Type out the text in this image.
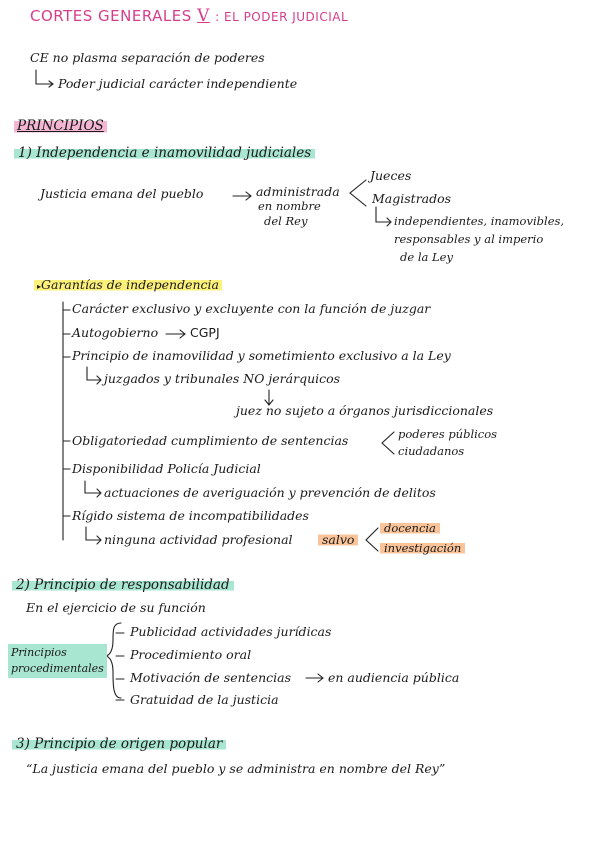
CORTES GENERALES V : EL PODER JUDICIAL
CE no plasma separación de poderes
Poder judicial carácter independiente
PRINCIPIOS
1) Independencia e inamovilidad judiciales
Justicia emana del pueblo	administrada
en nombre
del Rey
Jueces
Magistrados
independientes, inamovibles,
responsables y al imperio
de la Ley
▸Garantías de independencia
Carácter exclusivo y excluyente con la función de juzgar
Autogobierno	CGPJ
Principio de inamovilidad y sometimiento exclusivo a la Ley
juzgados y tribunales NO jerárquicos
juez no sujeto a órganos jurisdiccionales
Obligatoriedad cumplimiento de sentencias	poderes públicos
ciudadanos
Disponibilidad Policía Judicial
actuaciones de averiguación y prevención de delitos
Rígido sistema de incompatibilidades
ninguna actividad profesional	salvo
docencia
investigación
2) Principio de responsabilidad
En el ejercicio de su función
Principios
procedimentales
Publicidad actividades jurídicas
Procedimiento oral
Motivación de sentencias	en audiencia pública
Gratuidad de la justicia
3) Principio de origen popular
“La justicia emana del pueblo y se administra en nombre del Rey”
